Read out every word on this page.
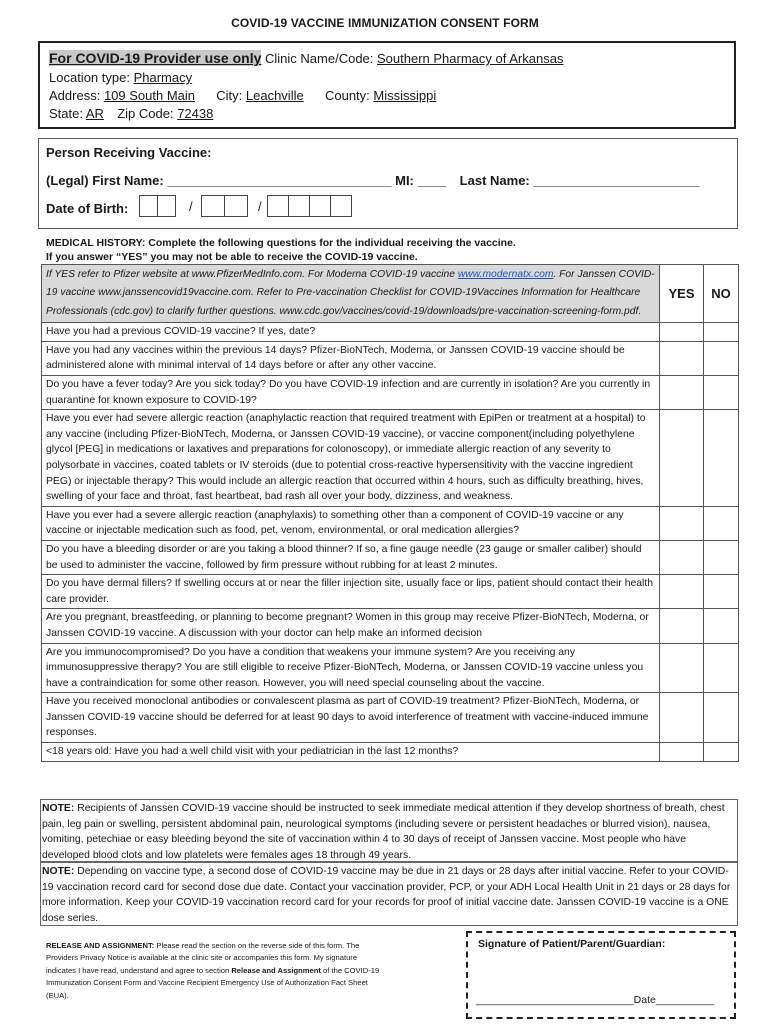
COVID-19 VACCINE IMMUNIZATION CONSENT FORM
For COVID-19 Provider use only Clinic Name/Code: Southern Pharmacy of Arkansas
Location type: Pharmacy
Address: 109 South Main City: Leachville County: Mississippi
State: AR Zip Code: 72438
Person Receiving Vaccine:
(Legal) First Name: _______________________________ MI: ____ Last Name: _______________________
Date of Birth:	/	/
MEDICAL HISTORY: Complete the following questions for the individual receiving the vaccine.
If you answer “YES” you may not be able to receive the COVID-19 vaccine.
If YES refer to Pfizer website at www.PfizerMedInfo.com. For Moderna COVID-19 vaccine www.modernatx.com. For Janssen COVID-19 vaccine www.janssencovid19vaccine.com. Refer to Pre-vaccination Checklist for COVID-19Vaccines Information for Healthcare Professionals (cdc.gov) to clarify further questions. www.cdc.gov/vaccines/covid-19/downloads/pre-vaccination-screening-form.pdf.	YES	NO
Have you had a previous COVID-19 vaccine? If yes, date?		
Have you had any vaccines within the previous 14 days? Pfizer-BioNTech, Moderna, or Janssen COVID-19 vaccine should be administered alone with minimal interval of 14 days before or after any other vaccine.		
Do you have a fever today? Are you sick today? Do you have COVID-19 infection and are currently in isolation? Are you currently in quarantine for known exposure to COVID-19?		
Have you ever had severe allergic reaction (anaphylactic reaction that required treatment with EpiPen or treatment at a hospital) to any vaccine (including Pfizer-BioNTech, Moderna, or Janssen COVID-19 vaccine), or vaccine component(including polyethylene glycol [PEG] in medications or laxatives and preparations for colonoscopy), or immediate allergic reaction of any severity to polysorbate in vaccines, coated tablets or IV steroids (due to potential cross-reactive hypersensitivity with the vaccine ingredient PEG) or injectable therapy? This would include an allergic reaction that occurred within 4 hours, such as difficulty breathing, hives, swelling of your face and throat, fast heartbeat, bad rash all over your body, dizziness, and weakness.		
Have you ever had a severe allergic reaction (anaphylaxis) to something other than a component of COVID-19 vaccine or any vaccine or injectable medication such as food, pet, venom, environmental, or oral medication allergies?		
Do you have a bleeding disorder or are you taking a blood thinner? If so, a fine gauge needle (23 gauge or smaller caliber) should be used to administer the vaccine, followed by firm pressure without rubbing for at least 2 minutes.		
Do you have dermal fillers? If swelling occurs at or near the filler injection site, usually face or lips, patient should contact their health care provider.		
Are you pregnant, breastfeeding, or planning to become pregnant? Women in this group may receive Pfizer-BioNTech, Moderna, or Janssen COVID-19 vaccine. A discussion with your doctor can help make an informed decision		
Are you immunocompromised? Do you have a condition that weakens your immune system? Are you receiving any immunosuppressive therapy? You are still eligible to receive Pfizer-BioNTech, Moderna, or Janssen COVID-19 vaccine unless you have a contraindication for some other reason. However, you will need special counseling about the vaccine.		
Have you received monoclonal antibodies or convalescent plasma as part of COVID-19 treatment? Pfizer-BioNTech, Moderna, or Janssen COVID-19 vaccine should be deferred for at least 90 days to avoid interference of treatment with vaccine-induced immune responses.		
<18 years old: Have you had a well child visit with your pediatrician in the last 12 months?		
NOTE: Recipients of Janssen COVID-19 vaccine should be instructed to seek immediate medical attention if they develop shortness of breath, chest pain, leg pain or swelling, persistent abdominal pain, neurological symptoms (including severe or persistent headaches or blurred vision), nausea, vomiting, petechiae or easy bleeding beyond the site of vaccination within 4 to 30 days of receipt of Janssen vaccine. Most people who have developed blood clots and low platelets were females ages 18 through 49 years.
NOTE: Depending on vaccine type, a second dose of COVID-19 vaccine may be due in 21 days or 28 days after initial vaccine. Refer to your COVID-19 vaccination record card for second dose due date. Contact your vaccination provider, PCP, or your ADH Local Health Unit in 21 days or 28 days for more information. Keep your COVID-19 vaccination record card for your records for proof of initial vaccine date. Janssen COVID-19 vaccine is a ONE dose series.
RELEASE AND ASSIGNMENT: Please read the section on the reverse side of this form. The Providers Privacy Notice is available at the clinic site or accompanies this form. My signature indicates I have read, understand and agree to section Release and Assignment of the COVID-19 Immunization Consent Form and Vaccine Recipient Emergency Use of Authorization Fact Sheet (EUA).
Signature of Patient/Parent/Guardian:
___________________________Date__________
